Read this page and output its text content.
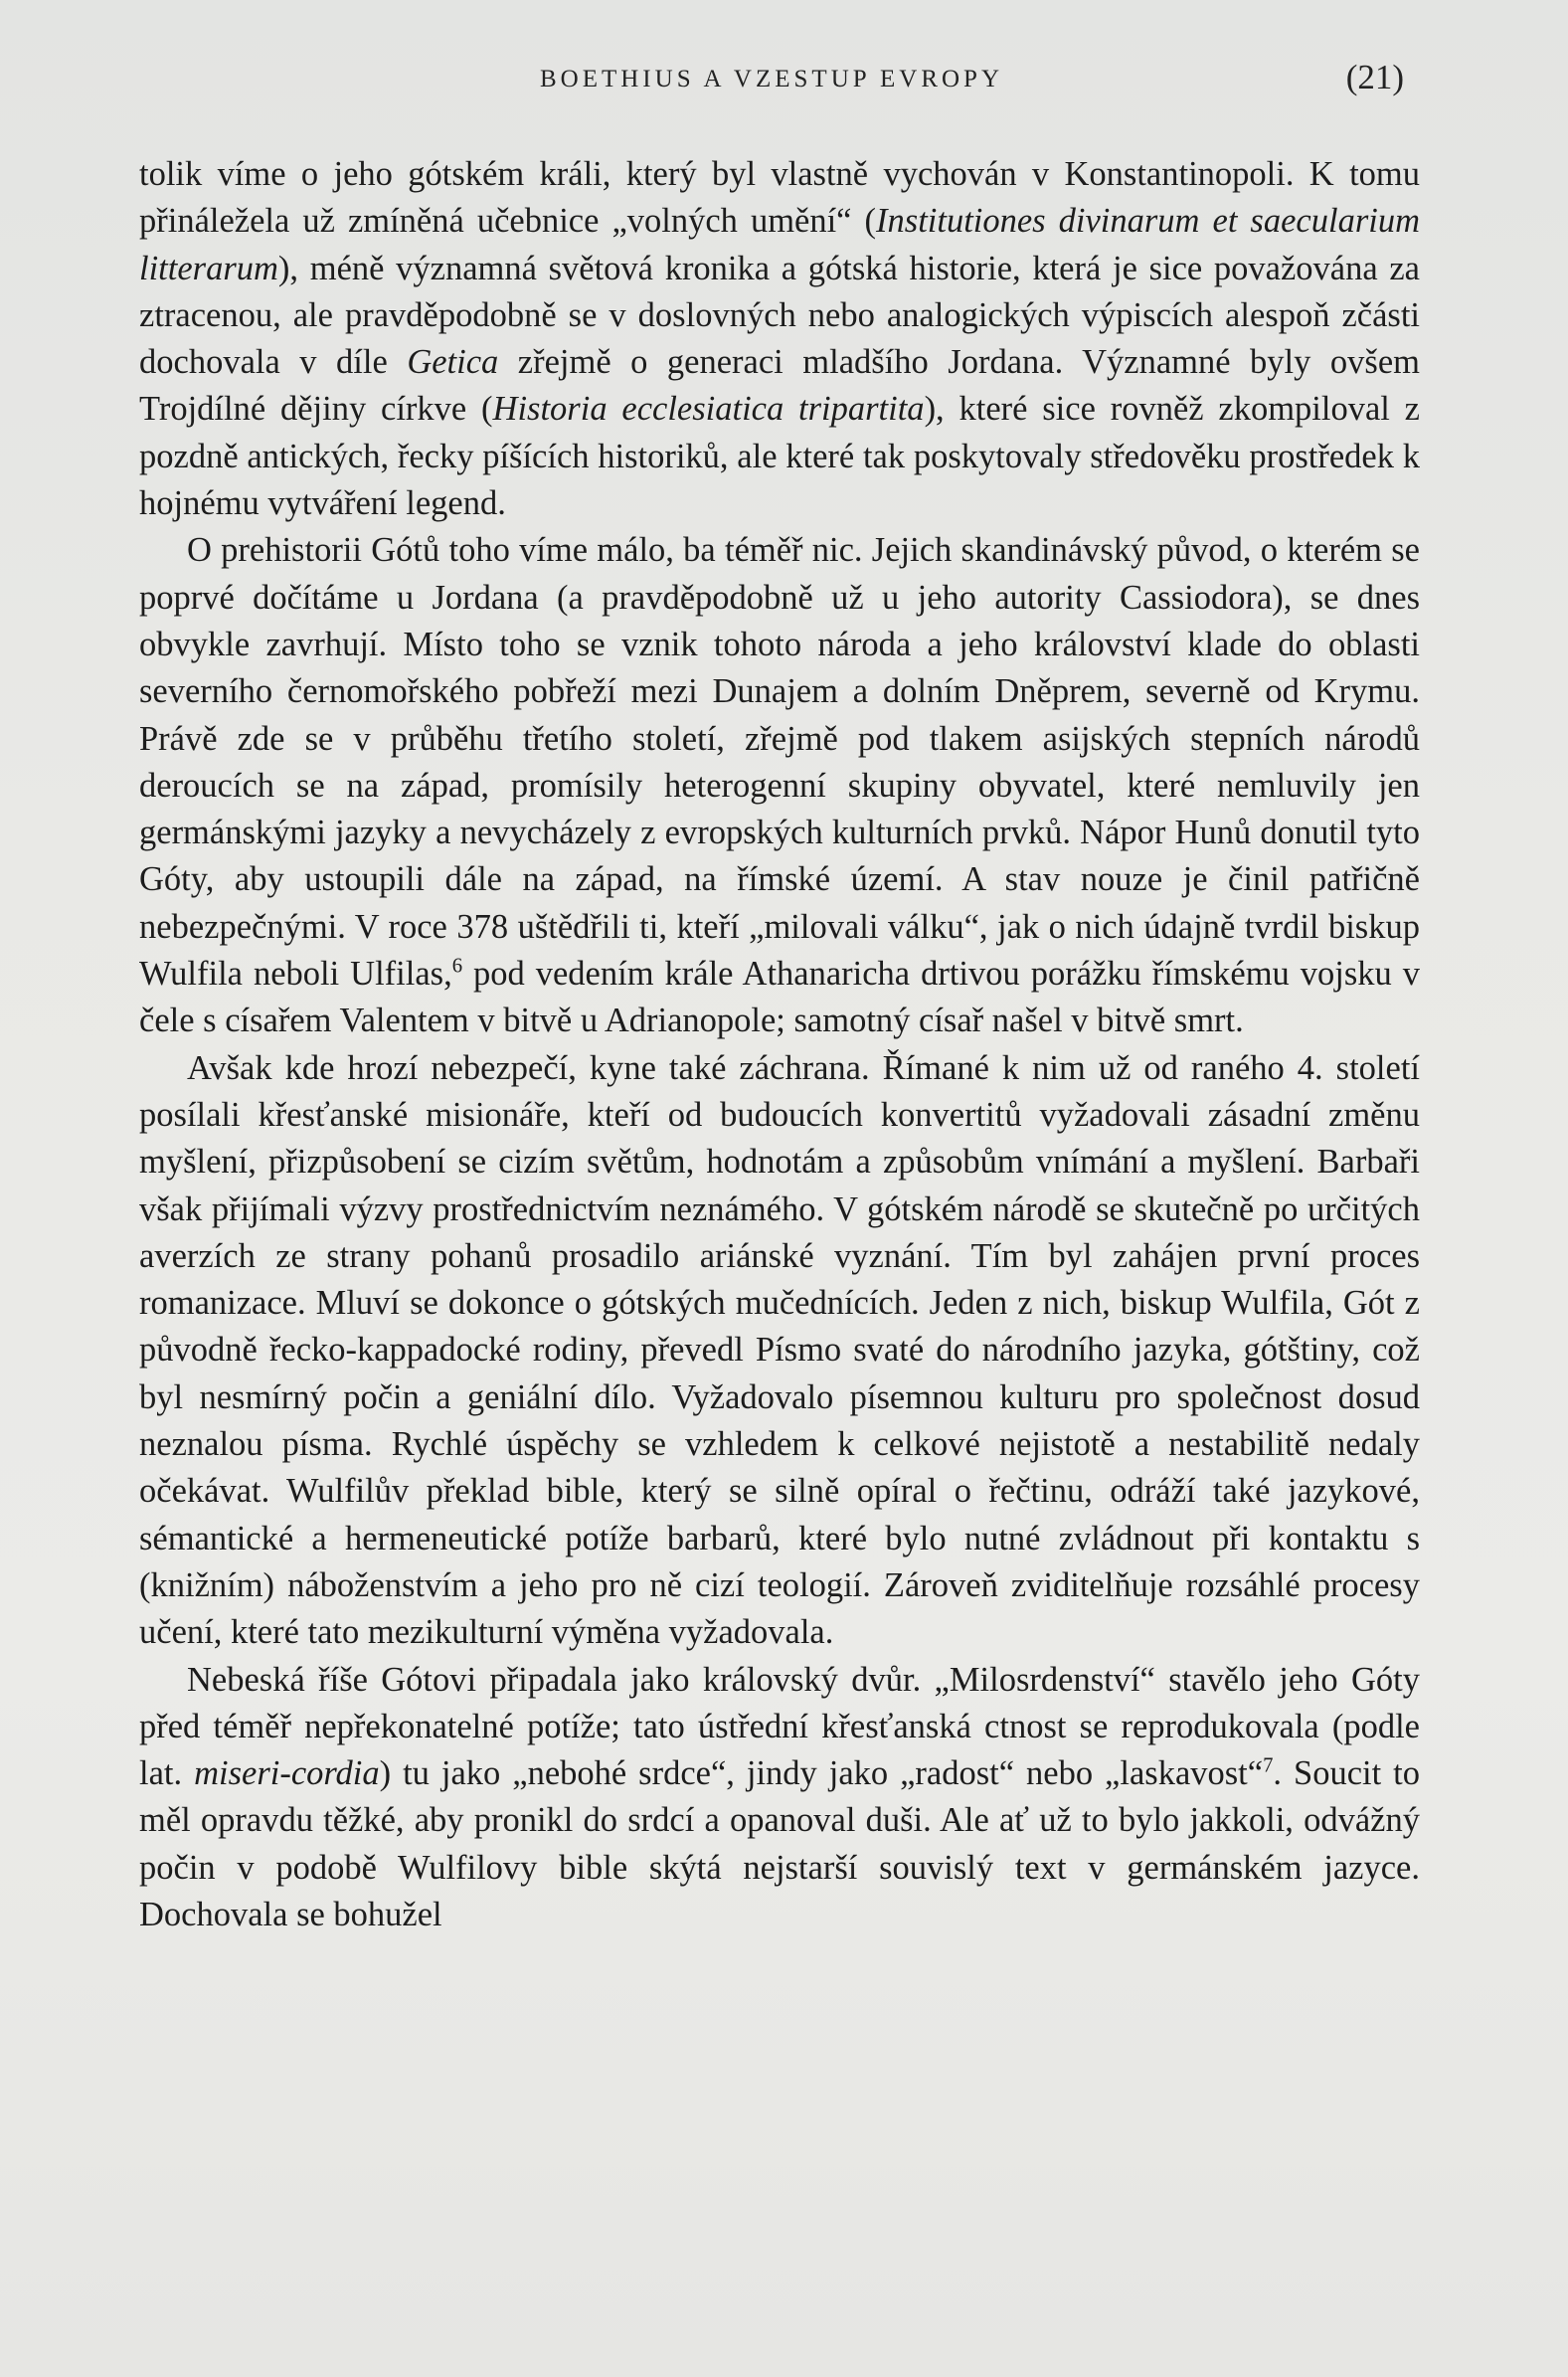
BOETHIUS A VZESTUP EVROPY	(21)

tolik víme o jeho gótském králi, který byl vlastně vychován v Konstantinopoli. K tomu přináležela už zmíněná učebnice „volných umění“ (Institutiones divinarum et saecularium litterarum), méně významná světová kronika a gótská historie, která je sice považována za ztracenou, ale pravděpodobně se v doslovných nebo analogických výpiscích alespoň zčásti dochovala v díle Getica zřejmě o generaci mladšího Jordana. Významné byly ovšem Trojdílné dějiny církve (Historia ecclesiatica tripartita), které sice rovněž zkompiloval z pozdně antických, řecky píšících historiků, ale které tak poskytovaly středověku prostředek k hojnému vytváření legend.

O prehistorii Gótů toho víme málo, ba téměř nic. Jejich skandinávský původ, o kterém se poprvé dočítáme u Jordana (a pravděpodobně už u jeho autority Cassiodora), se dnes obvykle zavrhují. Místo toho se vznik tohoto národa a jeho království klade do oblasti severního černomořského pobřeží mezi Dunajem a dolním Dněprem, severně od Krymu. Právě zde se v průběhu třetího století, zřejmě pod tlakem asijských stepních národů deroucích se na západ, promísily heterogenní skupiny obyvatel, které nemluvily jen germánskými jazyky a nevycházely z evropských kulturních prvků. Nápor Hunů donutil tyto Góty, aby ustoupili dále na západ, na římské území. A stav nouze je činil patřičně nebezpečnými. V roce 378 uštědřili ti, kteří „milovali válku“, jak o nich údajně tvrdil biskup Wulfila neboli Ulfilas,$^6$ pod vedením krále Athanaricha drtivou porážku římskému vojsku v čele s císařem Valentem v bitvě u Adrianopole; samotný císař našel v bitvě smrt.

Avšak kde hrozí nebezpečí, kyne také záchrana. Římané k nim už od raného 4. století posílali křesťanské misionáře, kteří od budoucích konvertitů vyžadovali zásadní změnu myšlení, přizpůsobení se cizím světům, hodnotám a způsobům vnímání a myšlení. Barbaři však přijímali výzvy prostřednictvím neznámého. V gótském národě se skutečně po určitých averzích ze strany pohanů prosadilo ariánské vyznání. Tím byl zahájen první proces romanizace. Mluví se dokonce o gótských mučednících. Jeden z nich, biskup Wulfila, Gót z původně řecko-kappadocké rodiny, převedl Písmo svaté do národního jazyka, gótštiny, což byl nesmírný počin a geniální dílo. Vyžadovalo písemnou kulturu pro společnost dosud neznalou písma. Rychlé úspěchy se vzhledem k celkové nejistotě a nestabilitě nedaly očekávat. Wulfilův překlad bible, který se silně opíral o řečtinu, odráží také jazykové, sémantické a hermeneutické potíže barbarů, které bylo nutné zvládnout při kontaktu s (knižním) náboženstvím a jeho pro ně cizí teologií. Zároveň zviditelňuje rozsáhlé procesy učení, které tato mezikulturní výměna vyžadovala.

Nebeská říše Gótovi připadala jako královský dvůr. „Milosrdenství“ stavělo jeho Góty před téměř nepřekonatelné potíže; tato ústřední křesťanská ctnost se reprodukovala (podle lat. miseri-cordia) tu jako „nebohé srdce“, jindy jako „radost“ nebo „laskavost“$^7$. Soucit to měl opravdu těžké, aby pronikl do srdcí a opanoval duši. Ale ať už to bylo jakkoli, odvážný počin v podobě Wulfilovy bible skýtá nejstarší souvislý text v germánském jazyce. Dochovala se bohužel
